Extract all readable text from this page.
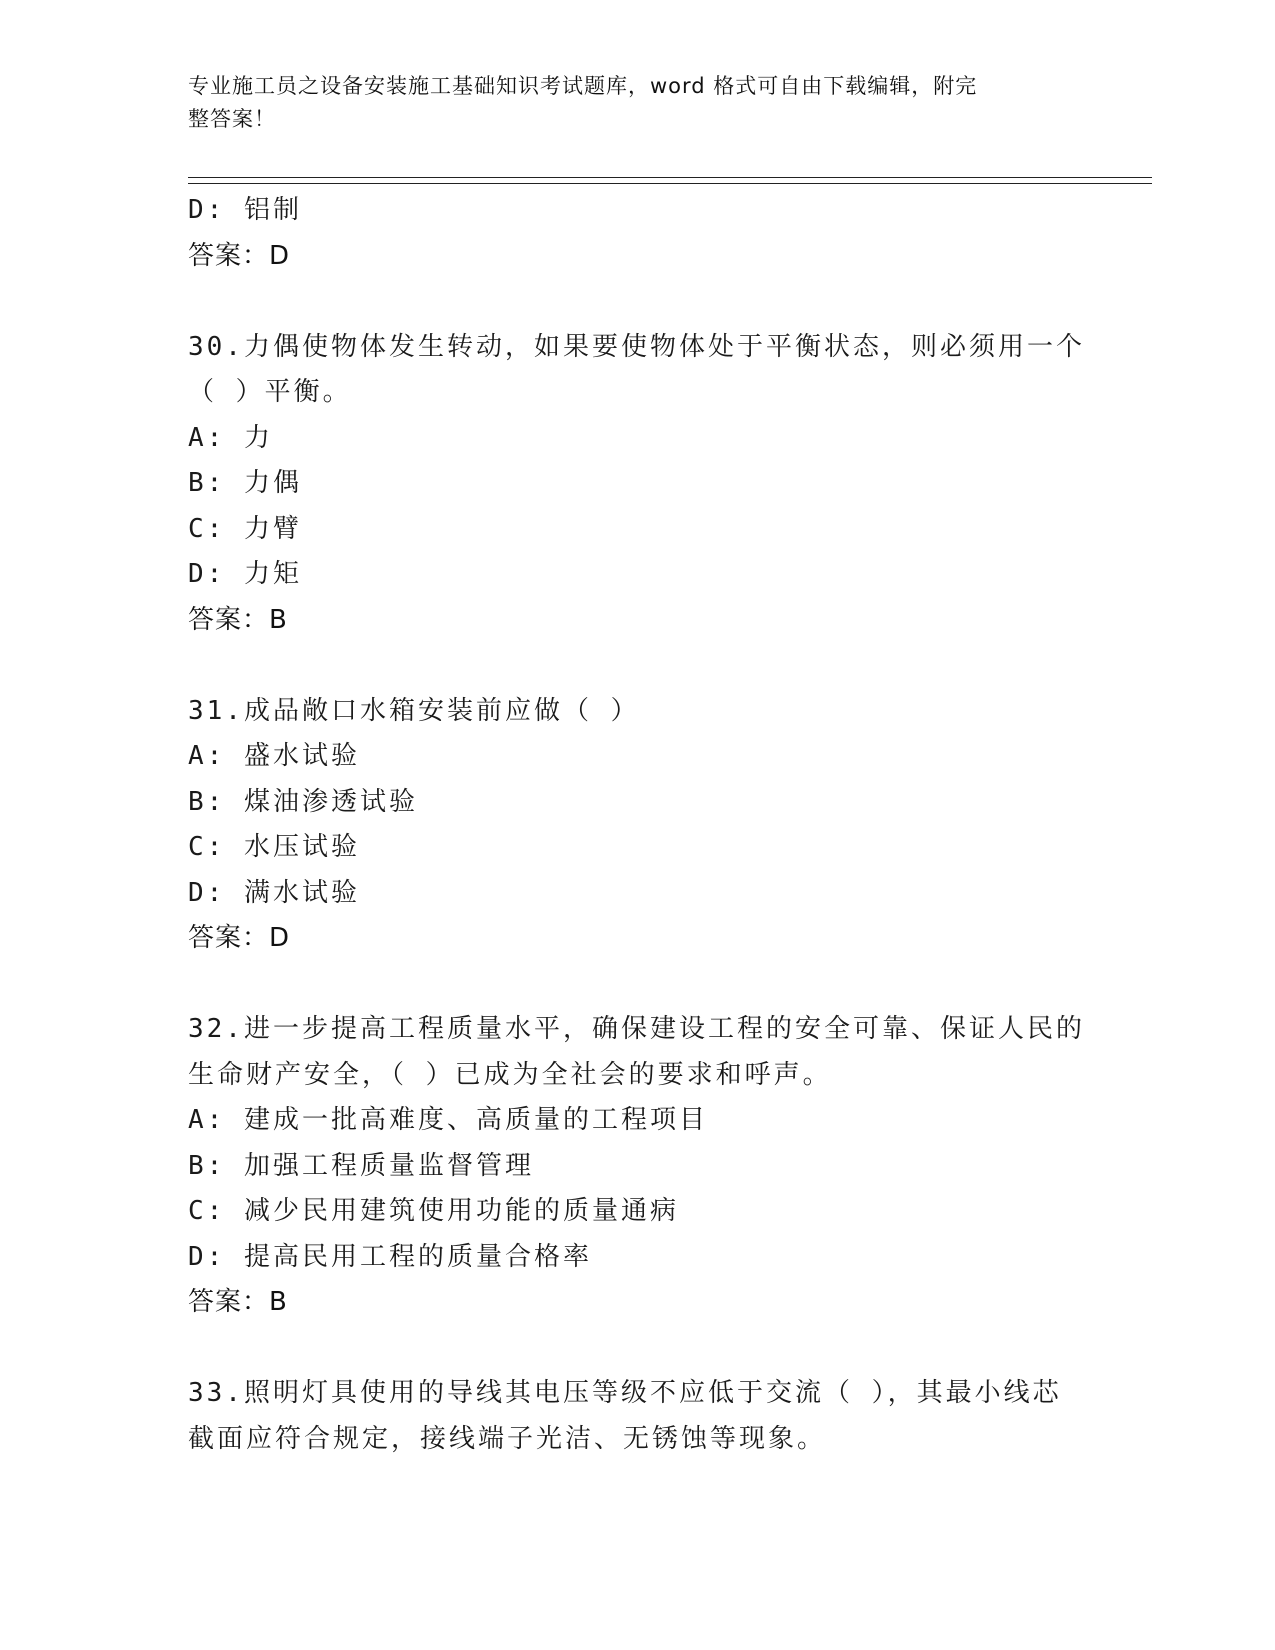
专业施工员之设备安装施工基础知识考试题库，word 格式可自由下载编辑，附完
整答案！
D: 铝制
答案：D
30.力偶使物体发生转动，如果要使物体处于平衡状态，则必须用一个
（ ）平衡。
A: 力
B: 力偶
C: 力臂
D: 力矩
答案：B
31.成品敞口水箱安装前应做（ ）
A: 盛水试验
B: 煤油渗透试验
C: 水压试验
D: 满水试验
答案：D
32.进一步提高工程质量水平，确保建设工程的安全可靠、保证人民的
生命财产安全，（ ）已成为全社会的要求和呼声。
A: 建成一批高难度、高质量的工程项目
B: 加强工程质量监督管理
C: 减少民用建筑使用功能的质量通病
D: 提高民用工程的质量合格率
答案：B
33.照明灯具使用的导线其电压等级不应低于交流（ ），其最小线芯
截面应符合规定，接线端子光洁、无锈蚀等现象。
